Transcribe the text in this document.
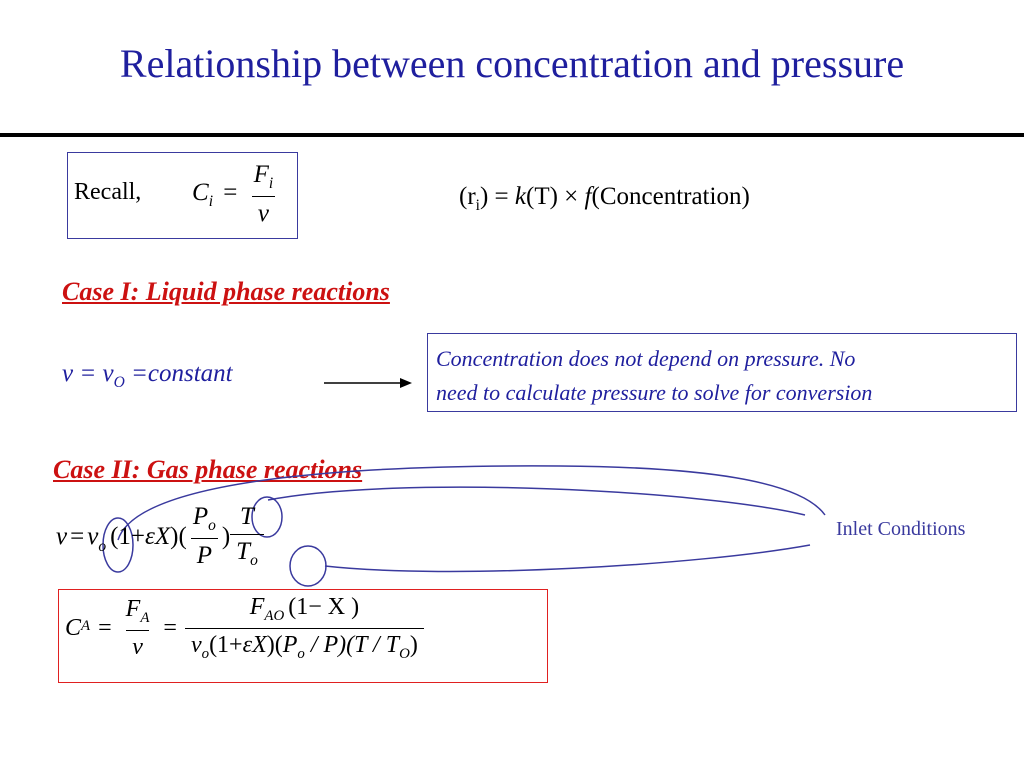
Relationship between concentration and pressure
Recall, $C_i = \frac{F_i}{v}$	$(r_i) = k(T)$ × f(Concentration)
Case I: Liquid phase reactions
$v = v_O$ =constant
Concentration does not depend on pressure. No
need to calculate pressure to solve for conversion
Case II: Gas phase reactions
Inlet Conditions
$v = v_o$ (1+ ε X )( $\frac{P_o}{P}$ ) $\frac{T}{T_o}$
C $A = \frac{F_A}{v} = \frac{F_{AO} (1- X )}{v_o(1+\varepsilon X)(P_o / P)(T / T_O)}$
